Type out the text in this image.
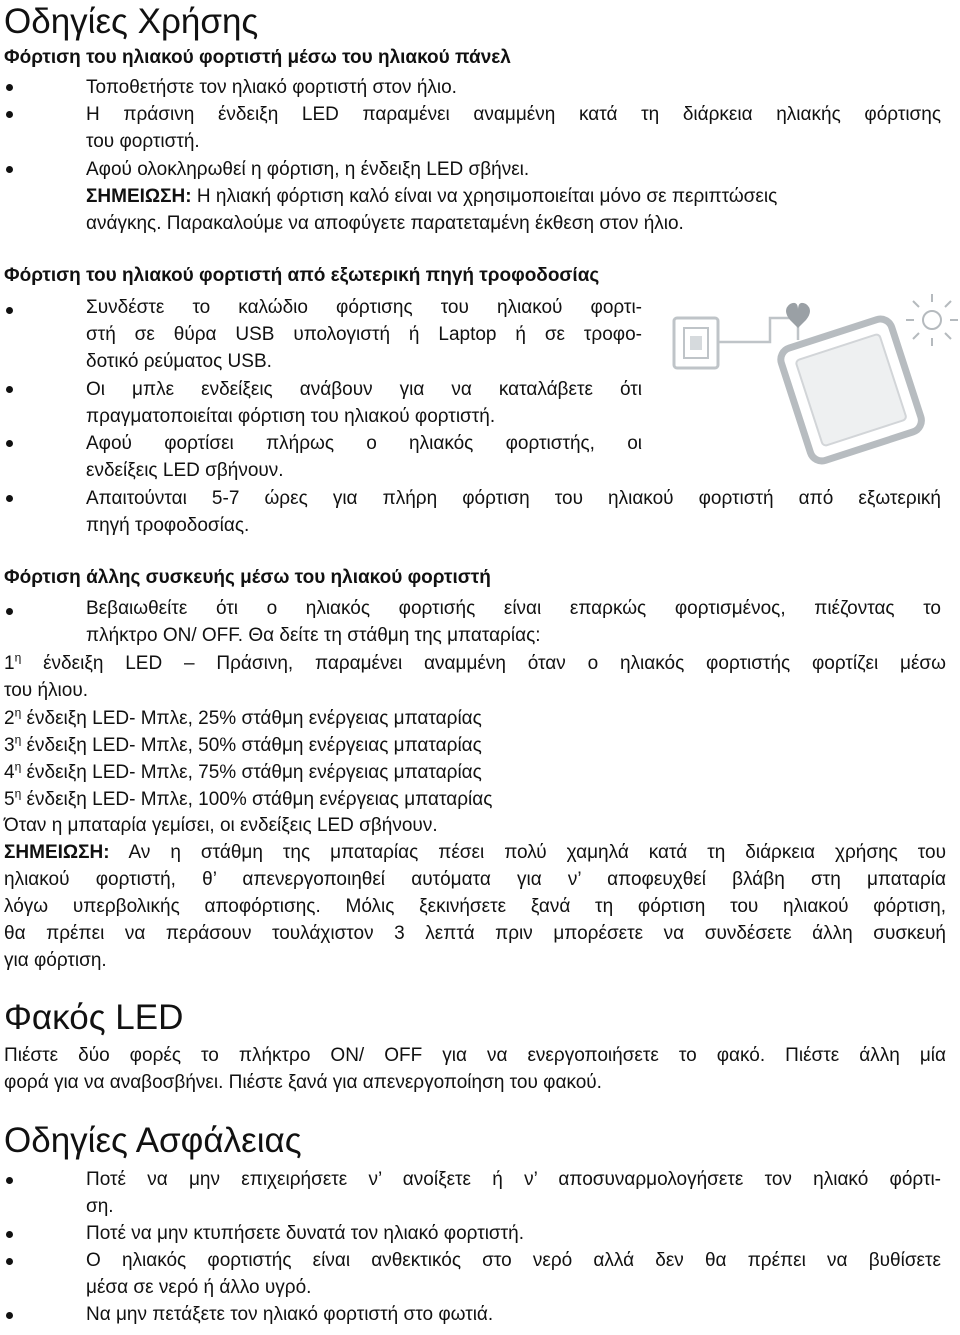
Οδηγίες Χρήσης
Φόρτιση του ηλιακού φορτιστή μέσω του ηλιακού πάνελ
Τοποθετήστε τον ηλιακό φορτιστή στον ήλιο.
Η πράσινη ένδειξη LED παραμένει αναμμένη κατά τη διάρκεια ηλιακής φόρτισης
του φορτιστή.
Αφού ολοκληρωθεί η φόρτιση, η ένδειξη LED σβήνει.
ΣΗΜΕΙΩΣΗ: Η ηλιακή φόρτιση καλό είναι να χρησιμοποιείται μόνο σε περιπτώσεις
ανάγκης. Παρακαλούμε να αποφύγετε παρατεταμένη έκθεση στον ήλιο.
Φόρτιση του ηλιακού φορτιστή από εξωτερική πηγή τροφοδοσίας
Συνδέστε το καλώδιο φόρτισης του ηλιακού φορτι-
στή σε θύρα USB υπολογιστή ή Laptop ή σε τροφο-
δοτικό ρεύματος USB.
Οι μπλε ενδείξεις ανάβουν για να καταλάβετε ότι
πραγματοποιείται φόρτιση του ηλιακού φορτιστή.
Αφού φορτίσει πλήρως ο ηλιακός φορτιστής, οι
ενδείξεις LED σβήνουν.
Απαιτούνται 5-7 ώρες για πλήρη φόρτιση του ηλιακού φορτιστή από εξωτερική
πηγή τροφοδοσίας.
Φόρτιση άλλης συσκευής μέσω του ηλιακού φορτιστή
Βεβαιωθείτε ότι ο ηλιακός φορτισής είναι επαρκώς φορτισμένος, πιέζοντας το
πλήκτρο ON/ OFF. Θα δείτε τη στάθμη της μπαταρίας:
$1^\eta$ ένδειξη LED – Πράσινη, παραμένει αναμμένη όταν ο ηλιακός φορτιστής φορτίζει μέσω
του ήλιου.
$2^\eta$ ένδειξη LED- Μπλε, 25% στάθμη ενέργειας μπαταρίας
$3^\eta$ ένδειξη LED- Μπλε, 50% στάθμη ενέργειας μπαταρίας
$4^\eta$ ένδειξη LED- Μπλε, 75% στάθμη ενέργειας μπαταρίας
$5^\eta$ ένδειξη LED- Μπλε, 100% στάθμη ενέργειας μπαταρίας
Όταν η μπαταρία γεμίσει, οι ενδείξεις LED σβήνουν.
ΣΗΜΕΙΩΣΗ: Αν η στάθμη της μπαταρίας πέσει πολύ χαμηλά κατά τη διάρκεια χρήσης του
ηλιακού φορτιστή, θ’ απενεργοποιηθεί αυτόματα για ν’ αποφευχθεί βλάβη στη μπαταρία
λόγω υπερβολικής αποφόρτισης. Μόλις ξεκινήσετε ξανά τη φόρτιση του ηλιακού φόρτιση,
θα πρέπει να περάσουν τουλάχιστον 3 λεπτά πριν μπορέσετε να συνδέσετε άλλη συσκευή
για φόρτιση.
Φακός LED
Πιέστε δύο φορές το πλήκτρο ON/ OFF για να ενεργοποιήσετε το φακό. Πιέστε άλλη μία
φορά για να αναβοσβήνει. Πιέστε ξανά για απενεργοποίηση του φακού.
Οδηγίες Ασφάλειας
Ποτέ να μην επιχειρήσετε ν’ ανοίξετε ή ν’ αποσυναρμολογήσετε τον ηλιακό φόρτι-
ση.
Ποτέ να μην κτυπήσετε δυνατά τον ηλιακό φορτιστή.
Ο ηλιακός φορτιστής είναι ανθεκτικός στο νερό αλλά δεν θα πρέπει να βυθίσετε
μέσα σε νερό ή άλλο υγρό.
Να μην πετάξετε τον ηλιακό φορτιστή στο φωτιά.
